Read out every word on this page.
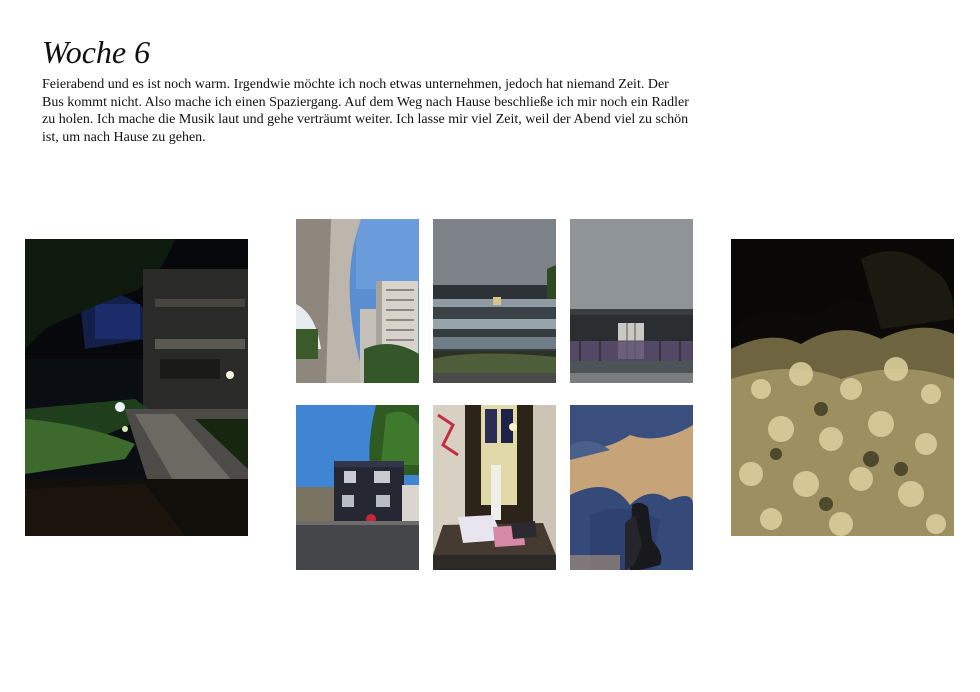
Woche 6

Feierabend und es ist noch warm. Irgendwie möchte ich noch etwas unternehmen, jedoch hat niemand Zeit. Der Bus kommt nicht. Also mache ich einen Spaziergang. Auf dem Weg nach Hause beschließe ich mir noch ein Radler zu holen. Ich mache die Musik laut und gehe verträumt weiter. Ich lasse mir viel Zeit, weil der Abend viel zu schön ist, um nach Hause zu gehen.
